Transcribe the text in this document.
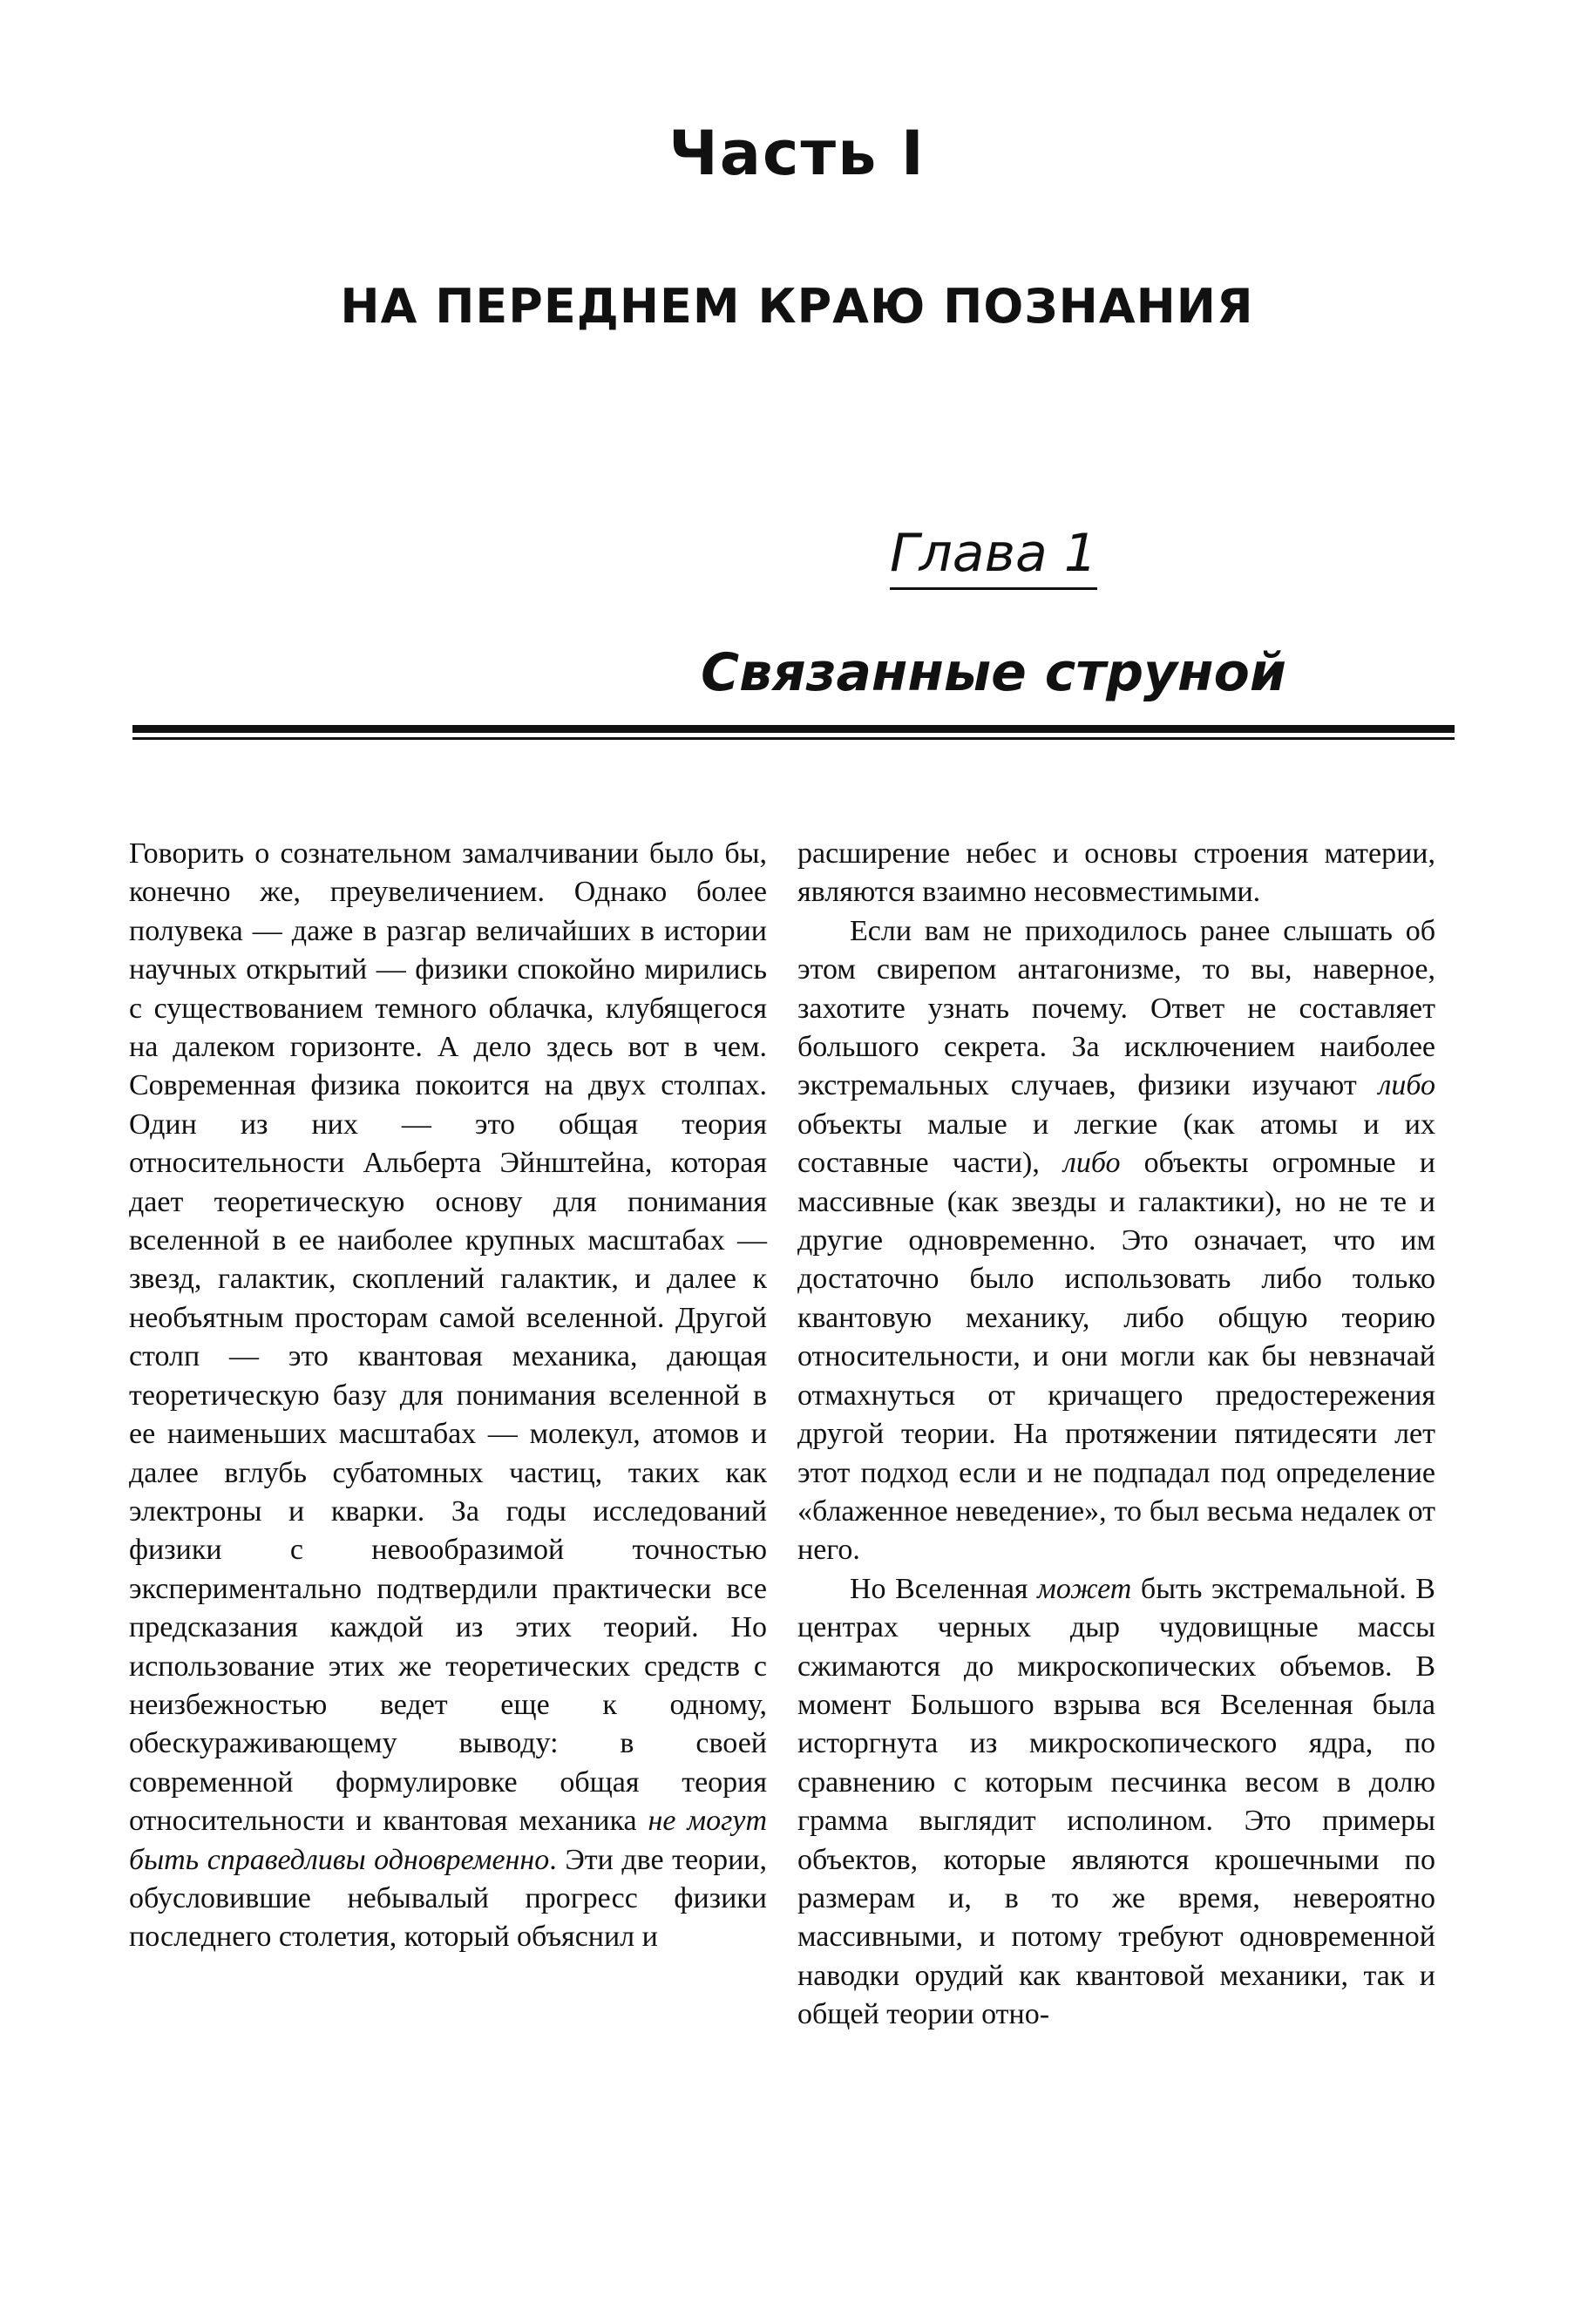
Часть I
НА ПЕРЕДНЕМ КРАЮ ПОЗНАНИЯ
Глава 1
Связанные струной

Говорить о сознательном замалчивании было бы, конечно же, преувеличением. Однако более полувека — даже в разгар величайших в истории научных открытий — физики спокойно мирились с существованием темного облачка, клубящегося на далеком горизонте. А дело здесь вот в чем. Современная физика покоится на двух столпах. Один из них — это общая теория относительности Альберта Эйнштейна, которая дает теоретическую основу для понимания вселенной в ее наиболее крупных масштабах — звезд, галактик, скоплений галактик, и далее к необъятным просторам самой вселенной. Другой столп — это квантовая механика, дающая теоретическую базу для понимания вселенной в ее наименьших масштабах — молекул, атомов и далее вглубь субатомных частиц, таких как электроны и кварки. За годы исследований физики с невообразимой точностью экспериментально подтвердили практически все предсказания каждой из этих теорий. Но использование этих же теоретических средств с неизбежностью ведет еще к одному, обескураживающему выводу: в своей современной формулировке общая теория относительности и квантовая механика не могут быть справедливы одновременно. Эти две теории, обусловившие небывалый прогресс физики последнего столетия, который объяснил и

расширение небес и основы строения материи, являются взаимно несовместимыми.

Если вам не приходилось ранее слышать об этом свирепом антагонизме, то вы, наверное, захотите узнать почему. Ответ не составляет большого секрета. За исключением наиболее экстремальных случаев, физики изучают либо объекты малые и легкие (как атомы и их составные части), либо объекты огромные и массивные (как звезды и галактики), но не те и другие одновременно. Это означает, что им достаточно было использовать либо только квантовую механику, либо общую теорию относительности, и они могли как бы невзначай отмахнуться от кричащего предостережения другой теории. На протяжении пятидесяти лет этот подход если и не подпадал под определение «блаженное неведение», то был весьма недалек от него.

Но Вселенная может быть экстремальной. В центрах черных дыр чудовищные массы сжимаются до микроскопических объемов. В момент Большого взрыва вся Вселенная была исторгнута из микроскопического ядра, по сравнению с которым песчинка весом в долю грамма выглядит исполином. Это примеры объектов, которые являются крошечными по размерам и, в то же время, невероятно массивными, и потому требуют одновременной наводки орудий как квантовой механики, так и общей теории отно-
